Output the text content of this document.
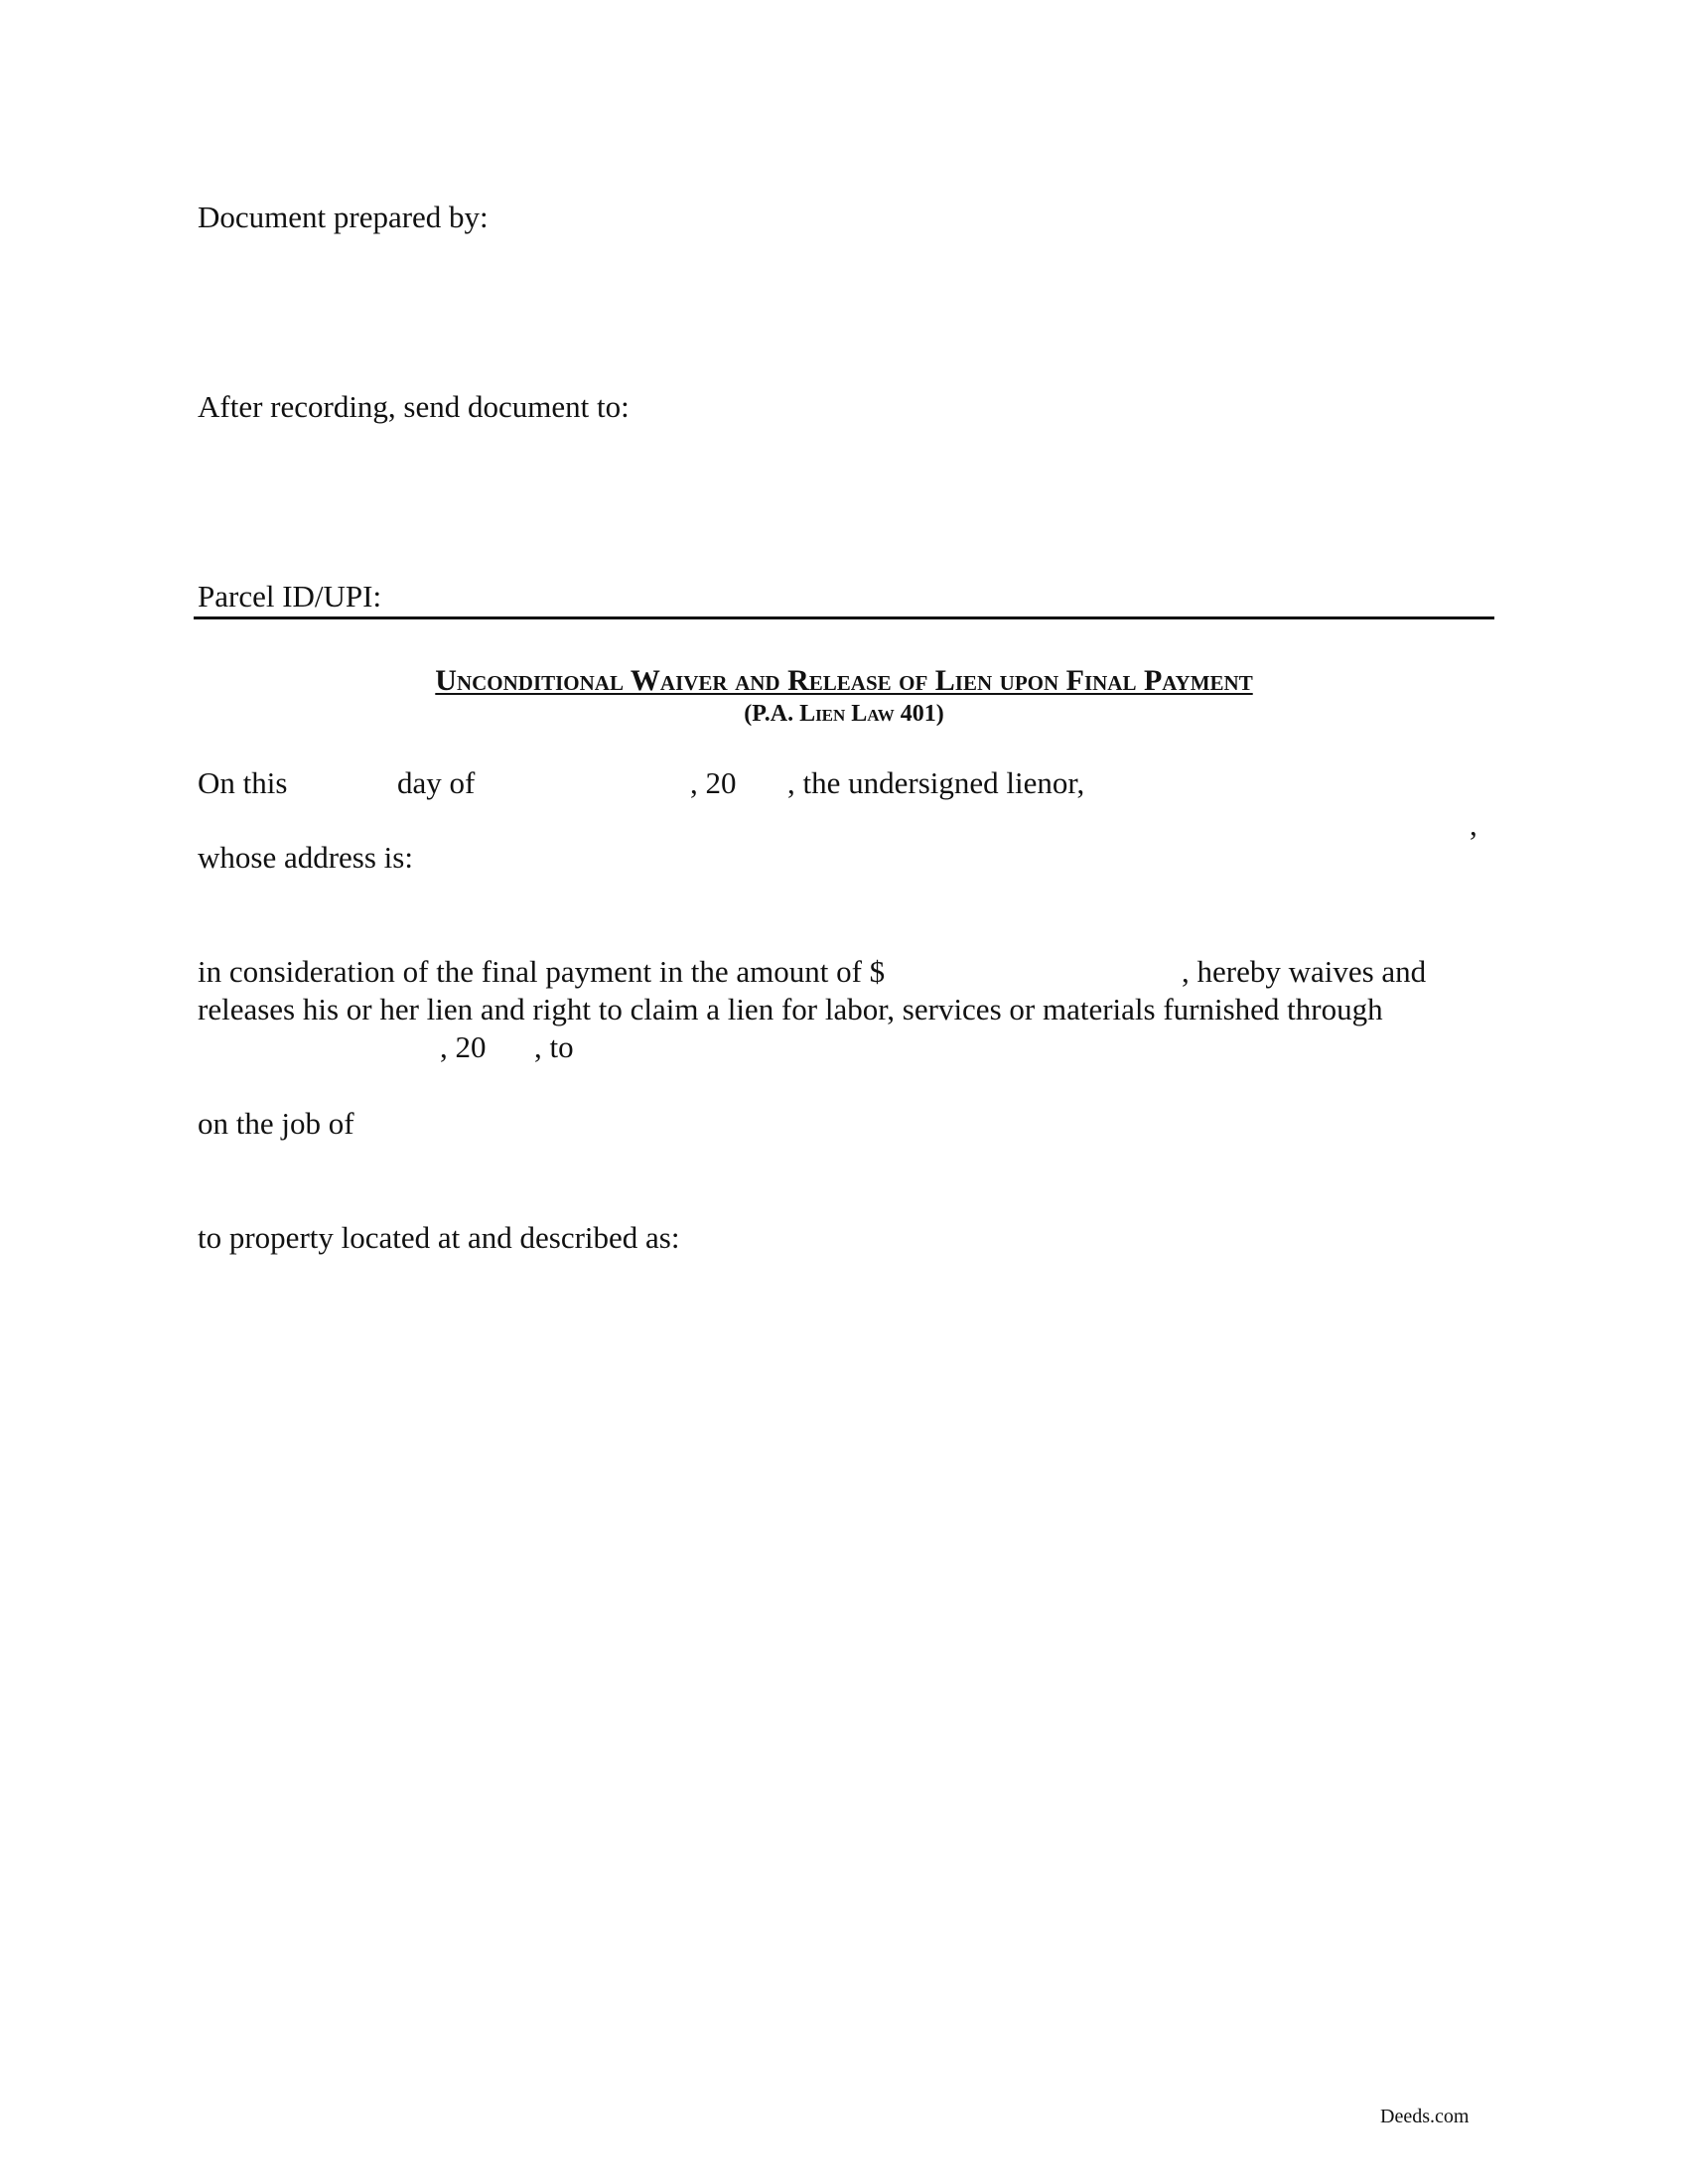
Document prepared by:
After recording, send document to:
Parcel ID/UPI:
Unconditional Waiver and Release of Lien upon Final Payment
(P.A. Lien Law 401)
On this	day of	, 20 , the undersigned lienor,
,
whose address is:
in consideration of the final payment in the amount of $	, hereby waives and
releases his or her lien and right to claim a lien for labor, services or materials furnished through
, 20 , to
on the job of
to property located at and described as:
Deeds.com
